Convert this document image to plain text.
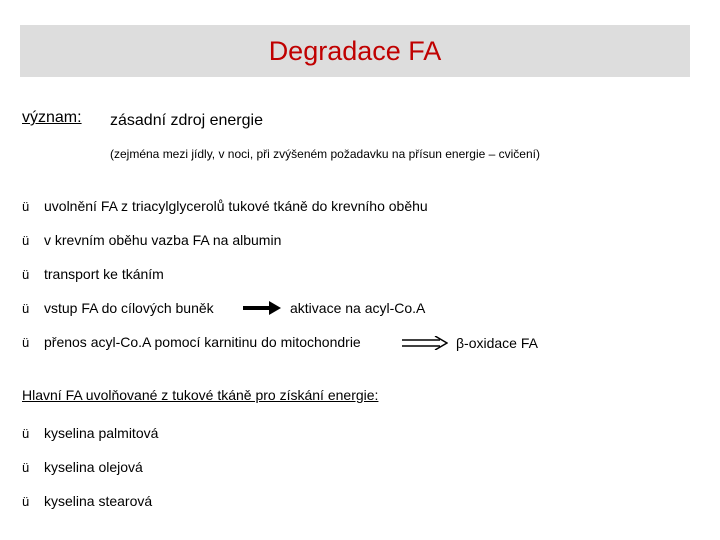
Degradace FA
význam: zásadní zdroj energie
(zejména mezi jídly, v noci, při zvýšeném požadavku na přísun energie – cvičení)
ü	uvolnění FA z triacylglycerolů tukové tkáně do krevního oběhu
ü	v krevním oběhu vazba FA na albumin
ü	transport ke tkáním
ü	vstup FA do cílových buněk	aktivace na acyl-Co.A
ü	přenos acyl-Co.A pomocí karnitinu do mitochondrie	β-oxidace FA
Hlavní FA uvolňované z tukové tkáně pro získání energie:
ü	kyselina palmitová
ü	kyselina olejová
ü	kyselina stearová
